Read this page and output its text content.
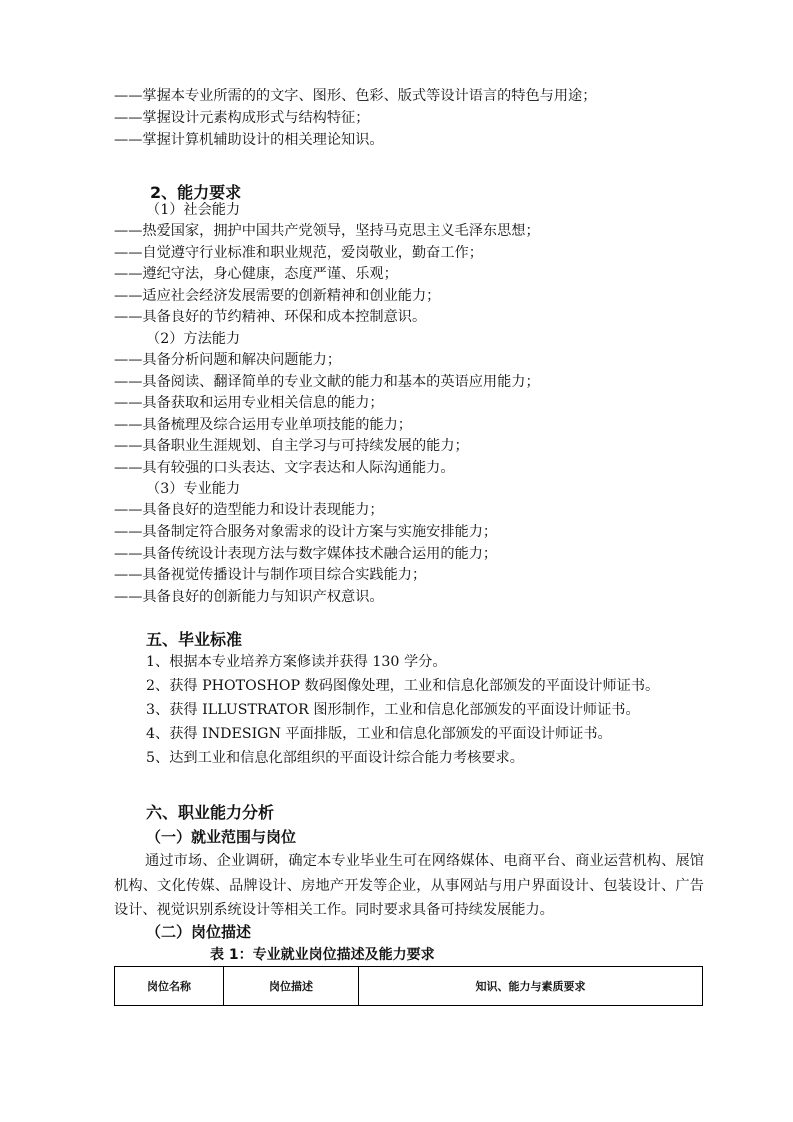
——掌握本专业所需的的文字、图形、色彩、版式等设计语言的特色与用途；
——掌握设计元素构成形式与结构特征；
——掌握计算机辅助设计的相关理论知识。
2、能力要求
（1）社会能力
——热爱国家，拥护中国共产党领导，坚持马克思主义毛泽东思想；
——自觉遵守行业标准和职业规范，爱岗敬业，勤奋工作；
——遵纪守法，身心健康，态度严谨、乐观；
——适应社会经济发展需要的创新精神和创业能力；
——具备良好的节约精神、环保和成本控制意识。
（2）方法能力
——具备分析问题和解决问题能力；
——具备阅读、翻译简单的专业文献的能力和基本的英语应用能力；
——具备获取和运用专业相关信息的能力；
——具备梳理及综合运用专业单项技能的能力；
——具备职业生涯规划、自主学习与可持续发展的能力；
——具有较强的口头表达、文字表达和人际沟通能力。
（3）专业能力
——具备良好的造型能力和设计表现能力；
——具备制定符合服务对象需求的设计方案与实施安排能力；
——具备传统设计表现方法与数字媒体技术融合运用的能力；
——具备视觉传播设计与制作项目综合实践能力；
——具备良好的创新能力与知识产权意识。
五、毕业标准
1、根据本专业培养方案修读并获得 130 学分。
2、获得 PHOTOSHOP 数码图像处理，工业和信息化部颁发的平面设计师证书。
3、获得 ILLUSTRATOR 图形制作，工业和信息化部颁发的平面设计师证书。
4、获得 INDESIGN 平面排版，工业和信息化部颁发的平面设计师证书。
5、达到工业和信息化部组织的平面设计综合能力考核要求。
六、职业能力分析
（一）就业范围与岗位
通过市场、企业调研，确定本专业毕业生可在网络媒体、电商平台、商业运营机构、展馆机构、文化传媒、品牌设计、房地产开发等企业，从事网站与用户界面设计、包装设计、广告设计、视觉识别系统设计等相关工作。同时要求具备可持续发展能力。
（二）岗位描述
表 1：专业就业岗位描述及能力要求
岗位名称	岗位描述	知识、能力与素质要求
